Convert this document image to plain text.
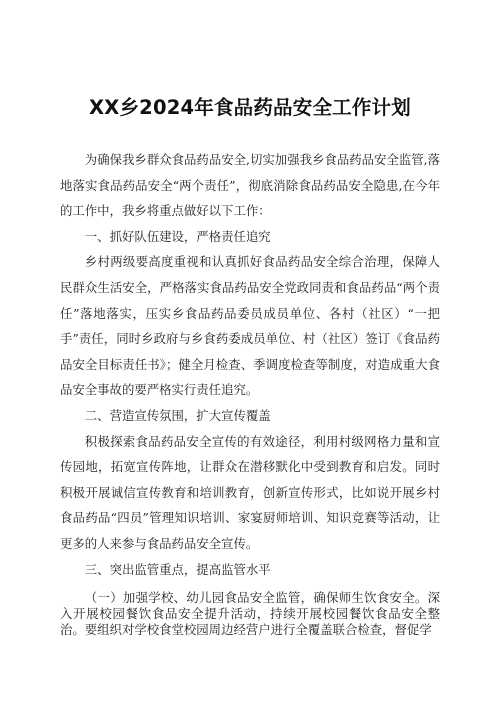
XX乡2024年食品药品安全工作计划

为确保我乡群众食品药品安全,切实加强我乡食品药品安全监管,落地落实食品药品安全“两个责任”，彻底消除食品药品安全隐患,在今年的工作中，我乡将重点做好以下工作：

一、抓好队伍建设，严格责任追究

乡村两级要高度重视和认真抓好食品药品安全综合治理，保障人民群众生活安全，严格落实食品药品安全党政同责和食品药品“两个责任”落地落实，压实乡食品药品委员成员单位、各村（社区）“一把手”责任，同时乡政府与乡食药委成员单位、村（社区）签订《食品药品安全目标责任书》；健全月检查、季调度检查等制度，对造成重大食品安全事故的要严格实行责任追究。

二、营造宣传氛围，扩大宣传覆盖

积极探索食品药品安全宣传的有效途径，利用村级网格力量和宣传园地，拓宽宣传阵地，让群众在潜移默化中受到教育和启发。同时积极开展诚信宣传教育和培训教育，创新宣传形式，比如说开展乡村食品药品“四员”管理知识培训、家宴厨师培训、知识竞赛等活动，让更多的人来参与食品药品安全宣传。

三、突出监管重点，提高监管水平

（一）加强学校、幼儿园食品安全监管，确保师生饮食安全。深入开展校园餐饮食品安全提升活动，持续开展校园餐饮食品安全整治。要组织对学校食堂校园周边经营户进行全覆盖联合检查，督促学
